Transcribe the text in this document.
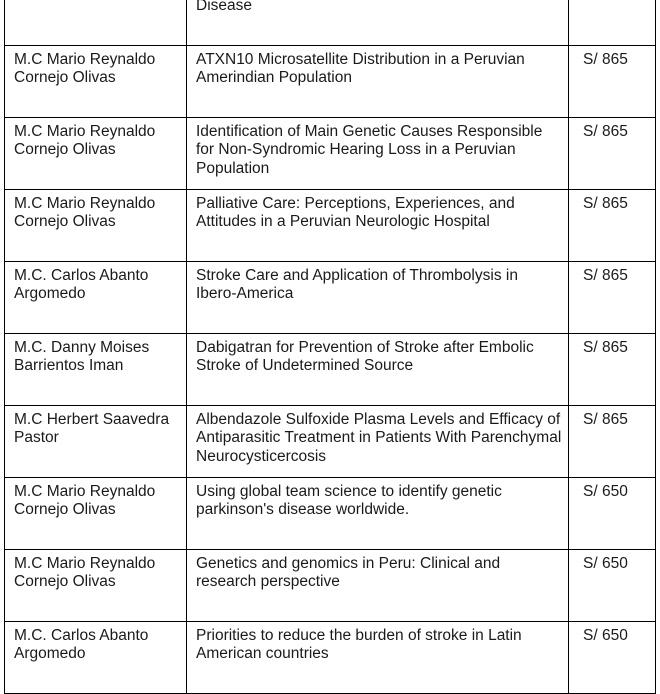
	Disease	
M.C Mario Reynaldo Cornejo Olivas	ATXN10 Microsatellite Distribution in a Peruvian Amerindian Population	S/ 865
M.C Mario Reynaldo Cornejo Olivas	Identification of Main Genetic Causes Responsible for Non-Syndromic Hearing Loss in a Peruvian Population	S/ 865
M.C Mario Reynaldo Cornejo Olivas	Palliative Care: Perceptions, Experiences, and Attitudes in a Peruvian Neurologic Hospital	S/ 865
M.C. Carlos Abanto Argomedo	Stroke Care and Application of Thrombolysis in Ibero-America	S/ 865
M.C. Danny Moises Barrientos Iman	Dabigatran for Prevention of Stroke after Embolic Stroke of Undetermined Source	S/ 865
M.C Herbert Saavedra Pastor	Albendazole Sulfoxide Plasma Levels and Efficacy of Antiparasitic Treatment in Patients With Parenchymal Neurocysticercosis	S/ 865
M.C Mario Reynaldo Cornejo Olivas	Using global team science to identify genetic parkinson's disease worldwide.	S/ 650
M.C Mario Reynaldo Cornejo Olivas	Genetics and genomics in Peru: Clinical and research perspective	S/ 650
M.C. Carlos Abanto Argomedo	Priorities to reduce the burden of stroke in Latin American countries	S/ 650
